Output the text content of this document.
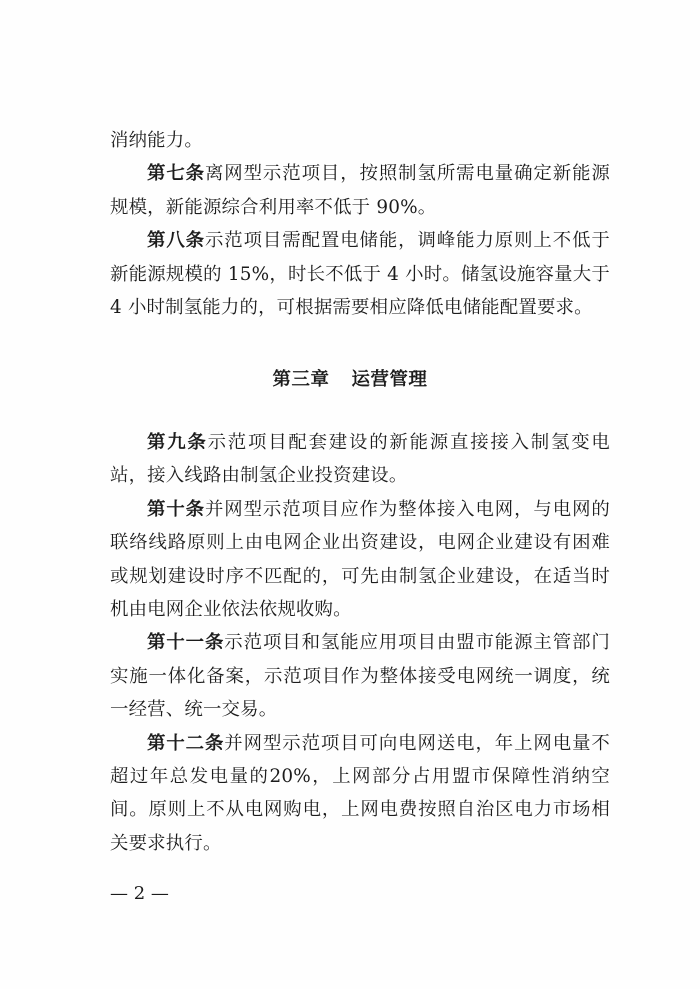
消纳能力。

第七条离网型示范项目，按照制氢所需电量确定新能源规模，新能源综合利用率不低于 90%。

第八条示范项目需配置电储能，调峰能力原则上不低于新能源规模的 15%，时长不低于 4 小时。储氢设施容量大于 4 小时制氢能力的，可根据需要相应降低电储能配置要求。

第三章 运营管理

第九条示范项目配套建设的新能源直接接入制氢变电站，接入线路由制氢企业投资建设。

第十条并网型示范项目应作为整体接入电网，与电网的联络线路原则上由电网企业出资建设，电网企业建设有困难或规划建设时序不匹配的，可先由制氢企业建设，在适当时机由电网企业依法依规收购。

第十一条示范项目和氢能应用项目由盟市能源主管部门实施一体化备案，示范项目作为整体接受电网统一调度，统一经营、统一交易。

第十二条并网型示范项目可向电网送电，年上网电量不超过年总发电量的20%，上网部分占用盟市保障性消纳空间。原则上不从电网购电，上网电费按照自治区电力市场相关要求执行。

— 2 —
